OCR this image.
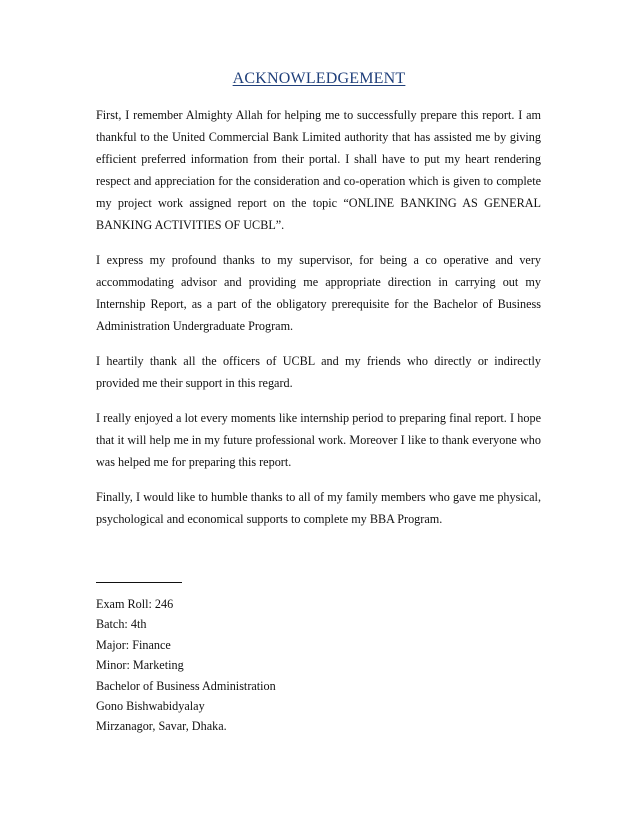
ACKNOWLEDGEMENT

First, I remember Almighty Allah for helping me to successfully prepare this report. I am thankful to the United Commercial Bank Limited authority that has assisted me by giving efficient preferred information from their portal. I shall have to put my heart rendering respect and appreciation for the consideration and co-operation which is given to complete my project work assigned report on the topic “ONLINE BANKING AS GENERAL BANKING ACTIVITIES OF UCBL”.

I express my profound thanks to my supervisor, for being a co operative and very accommodating advisor and providing me appropriate direction in carrying out my Internship Report, as a part of the obligatory prerequisite for the Bachelor of Business Administration Undergraduate Program.

I heartily thank all the officers of UCBL and my friends who directly or indirectly provided me their support in this regard.

I really enjoyed a lot every moments like internship period to preparing final report. I hope that it will help me in my future professional work. Moreover I like to thank everyone who was helped me for preparing this report.

Finally, I would like to humble thanks to all of my family members who gave me physical, psychological and economical supports to complete my BBA Program.

Exam Roll: 246
Batch: 4th
Major: Finance
Minor: Marketing
Bachelor of Business Administration
Gono Bishwabidyalay
Mirzanagor, Savar, Dhaka.
